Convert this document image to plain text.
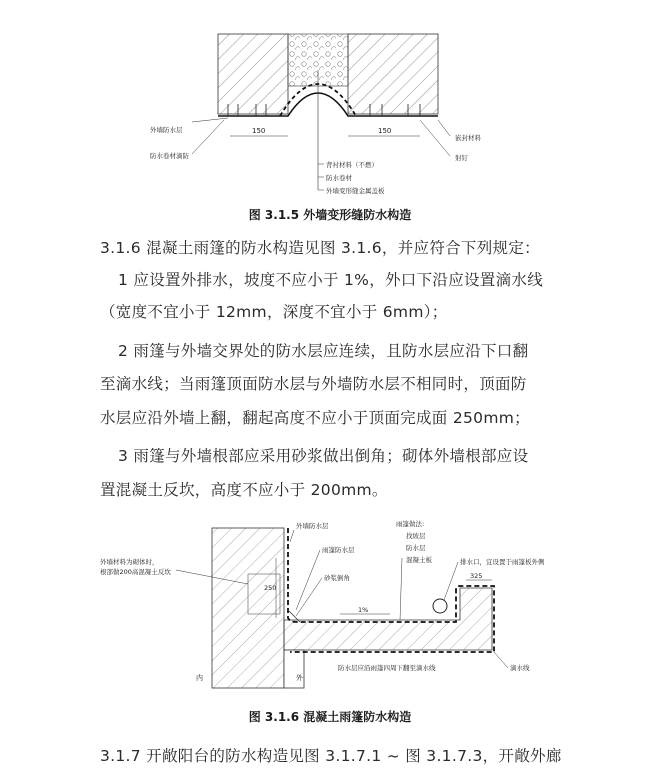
150	150
外墙防水层
防水卷材滴防
嵌封材料
射钉
背衬材料（不燃）
防水卷材
外墙变形缝金属盖板
图 3.1.5 外墙变形缝防水构造
3.1.6 混凝土雨篷的防水构造见图 3.1.6，并应符合下列规定：
1 应设置外排水，坡度不应小于 1%，外口下沿应设置滴水线
（宽度不宜小于 12mm，深度不宜小于 6mm）；
2 雨篷与外墙交界处的防水层应连续，且防水层应沿下口翻
至滴水线；当雨篷顶面防水层与外墙防水层不相同时，顶面防
水层应沿外墙上翻，翻起高度不应小于顶面完成面 250mm；
3 雨篷与外墙根部应采用砂浆做出倒角；砌体外墙根部应设
置混凝土反坎，高度不应小于 200mm。
1%
250
325
外墙防水层
雨篷防水层
外墙材料为砌体时，
根部做200高混凝土反坎
砂浆倒角
雨篷做法:
找坡层
防水层
混凝土板	排水口，宜设置于雨篷板外侧
防水层应沿雨篷四周下翻至滴水线	滴水线
内	外
图 3.1.6 混凝土雨篷防水构造
3.1.7 开敞阳台的防水构造见图 3.1.7.1 ~ 图 3.1.7.3，开敞外廊
